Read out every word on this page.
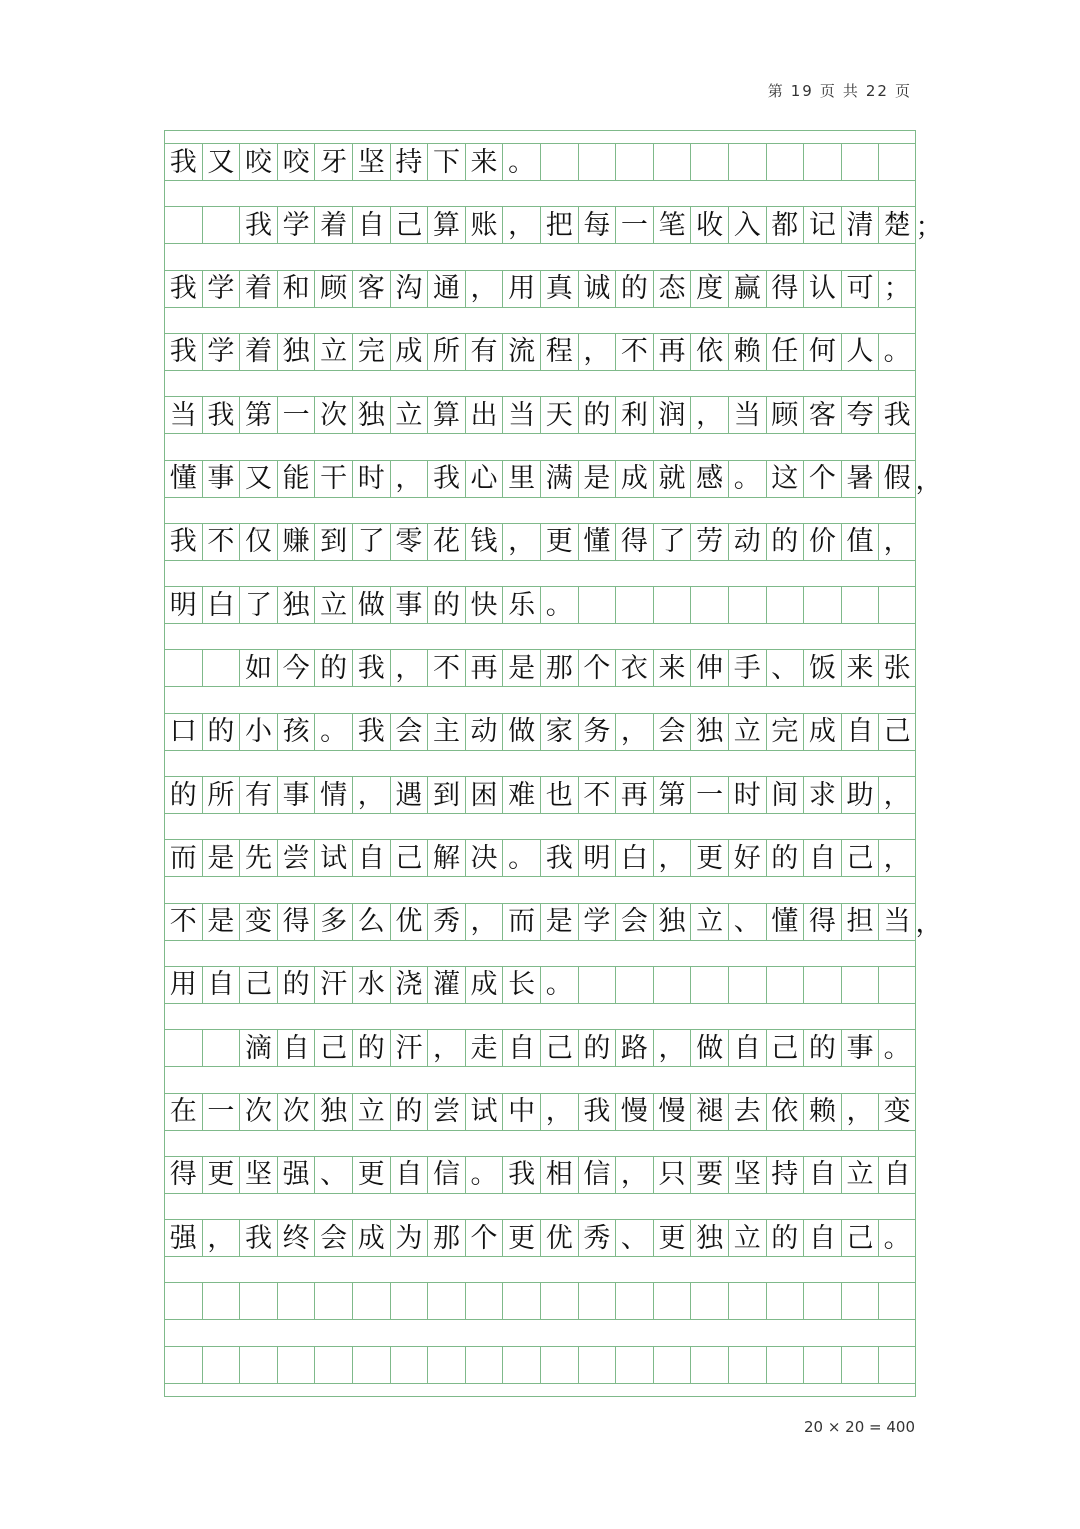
第 19 页 共 22 页
我 又 咬 咬 牙 坚 持 下 来 。
我 学 着 自 己 算 账 ， 把 每 一 笔 收 入 都 记 清 楚
我 学 着 和 顾 客 沟 通 ， 用 真 诚 的 态 度 赢 得 认 可 ；
我 学 着 独 立 完 成 所 有 流 程 ， 不 再 依 赖 任 何 人 。
当 我 第 一 次 独 立 算 出 当 天 的 利 润 ， 当 顾 客 夸 我
懂 事 又 能 干 时 ， 我 心 里 满 是 成 就 感 。 这 个 暑 假
我 不 仅 赚 到 了 零 花 钱 ， 更 懂 得 了 劳 动 的 价 值 ，
明 白 了 独 立 做 事 的 快 乐 。
如 今 的 我 ， 不 再 是 那 个 衣 来 伸 手 、 饭 来 张
口 的 小 孩 。 我 会 主 动 做 家 务 ， 会 独 立 完 成 自 己
的 所 有 事 情 ， 遇 到 困 难 也 不 再 第 一 时 间 求 助 ，
而 是 先 尝 试 自 己 解 决 。 我 明 白 ， 更 好 的 自 己 ，
不 是 变 得 多 么 优 秀 ， 而 是 学 会 独 立 、 懂 得 担 当
用 自 己 的 汗 水 浇 灌 成 长 。
滴 自 己 的 汗 ， 走 自 己 的 路 ， 做 自 己 的 事 。
在 一 次 次 独 立 的 尝 试 中 ， 我 慢 慢 褪 去 依 赖 ， 变
得 更 坚 强 、 更 自 信 。 我 相 信 ， 只 要 坚 持 自 立 自
强 ， 我 终 会 成 为 那 个 更 优 秀 、 更 独 立 的 自 己 。
20 × 20 = 400
；
，
，
